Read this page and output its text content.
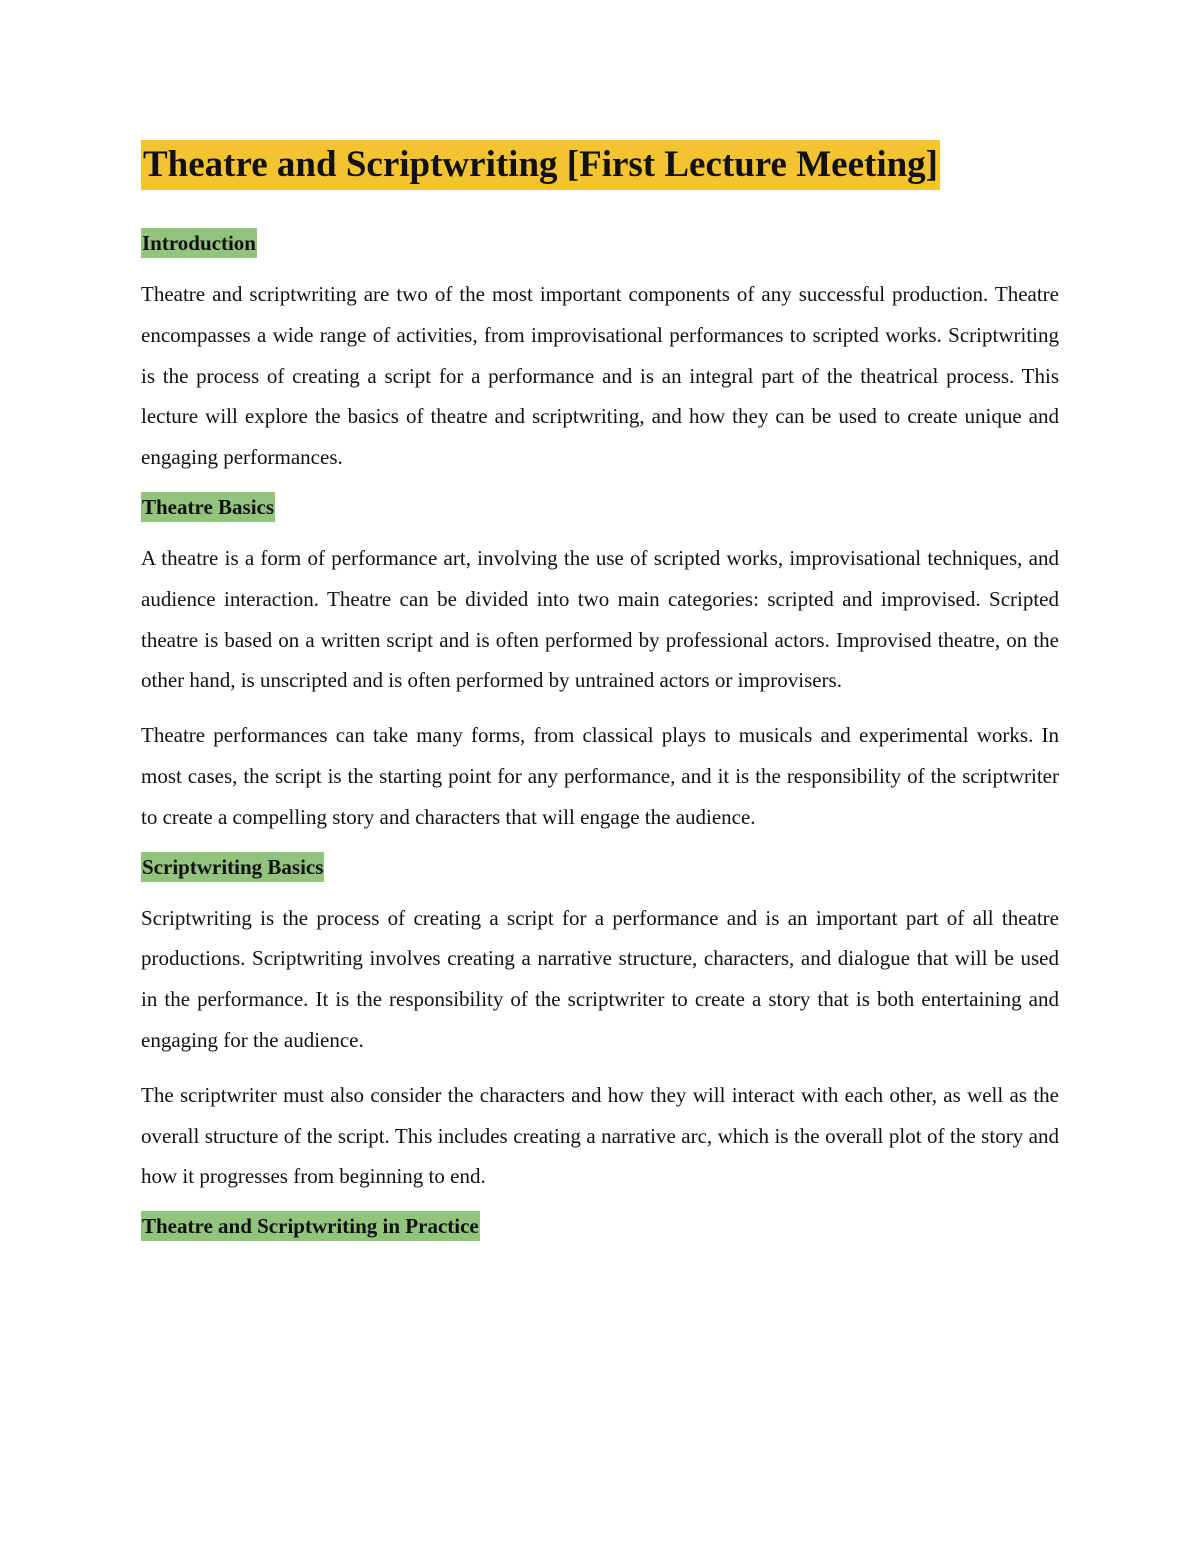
Theatre and Scriptwriting [First Lecture Meeting]
Introduction

Theatre and scriptwriting are two of the most important components of any successful production. Theatre encompasses a wide range of activities, from improvisational performances to scripted works. Scriptwriting is the process of creating a script for a performance and is an integral part of the theatrical process. This lecture will explore the basics of theatre and scriptwriting, and how they can be used to create unique and engaging performances.

Theatre Basics

A theatre is a form of performance art, involving the use of scripted works, improvisational techniques, and audience interaction. Theatre can be divided into two main categories: scripted and improvised. Scripted theatre is based on a written script and is often performed by professional actors. Improvised theatre, on the other hand, is unscripted and is often performed by untrained actors or improvisers.

Theatre performances can take many forms, from classical plays to musicals and experimental works. In most cases, the script is the starting point for any performance, and it is the responsibility of the scriptwriter to create a compelling story and characters that will engage the audience.

Scriptwriting Basics

Scriptwriting is the process of creating a script for a performance and is an important part of all theatre productions. Scriptwriting involves creating a narrative structure, characters, and dialogue that will be used in the performance. It is the responsibility of the scriptwriter to create a story that is both entertaining and engaging for the audience.

The scriptwriter must also consider the characters and how they will interact with each other, as well as the overall structure of the script. This includes creating a narrative arc, which is the overall plot of the story and how it progresses from beginning to end.

Theatre and Scriptwriting in Practice
